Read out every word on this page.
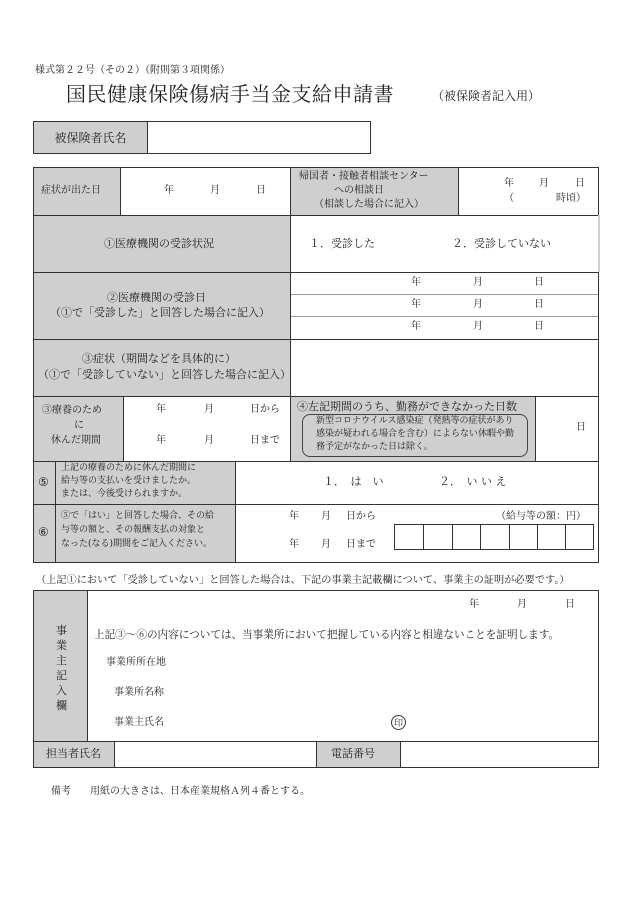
様式第２２号（その２）（附則第３項関係）
国民健康保険傷病手当金支給申請書	（被保険者記入用）
被保険者氏名
症状が出た日	年	月	日
帰国者・接触者相談センター
への相談日
（相談した場合に記入）
年	月	日
（	時頃）
①医療機関の受診状況	１．受診した	２．受診していない
②医療機関の受診日
（①で「受診した」と回答した場合に記入）
年	月	日
年	月	日
年	月	日
③症状（期間などを具体的に）
（①で「受診していない」と回答した場合に記入）
③療養のため
に
休んだ期間
年	月	日から
年	月	日まで
④左記期間のうち、勤務ができなかった日数
新型コロナウイルス感染症（発熱等の症状があり
感染が疑われる場合を含む）によらない休暇や勤
務予定がなかった日は除く。
日
⑤
上記の療養のために休んだ期間に
給与等の支払いを受けましたか。
または、今後受けられますか。
１．　は　い	２．　い い え
⑥
⑤で「はい」と回答した場合、その給
与等の額と、その報酬支払の対象と
なった(なる)期間をご記入ください。
年 月 日から
年 月 日まで
（給与等の額：円）
（上記①において「受診していない」と回答した場合は、下記の事業主記載欄について、事業主の証明が必要です。）
事
業
主
記
入
欄
年	月	日
上記③～⑥の内容については、当事業所において把握している内容と相違ないことを証明します。
事業所所在地
事業所名称
事業主氏名	印
担当者氏名	電話番号
備考 用紙の大きさは、日本産業規格Ａ列４番とする。
